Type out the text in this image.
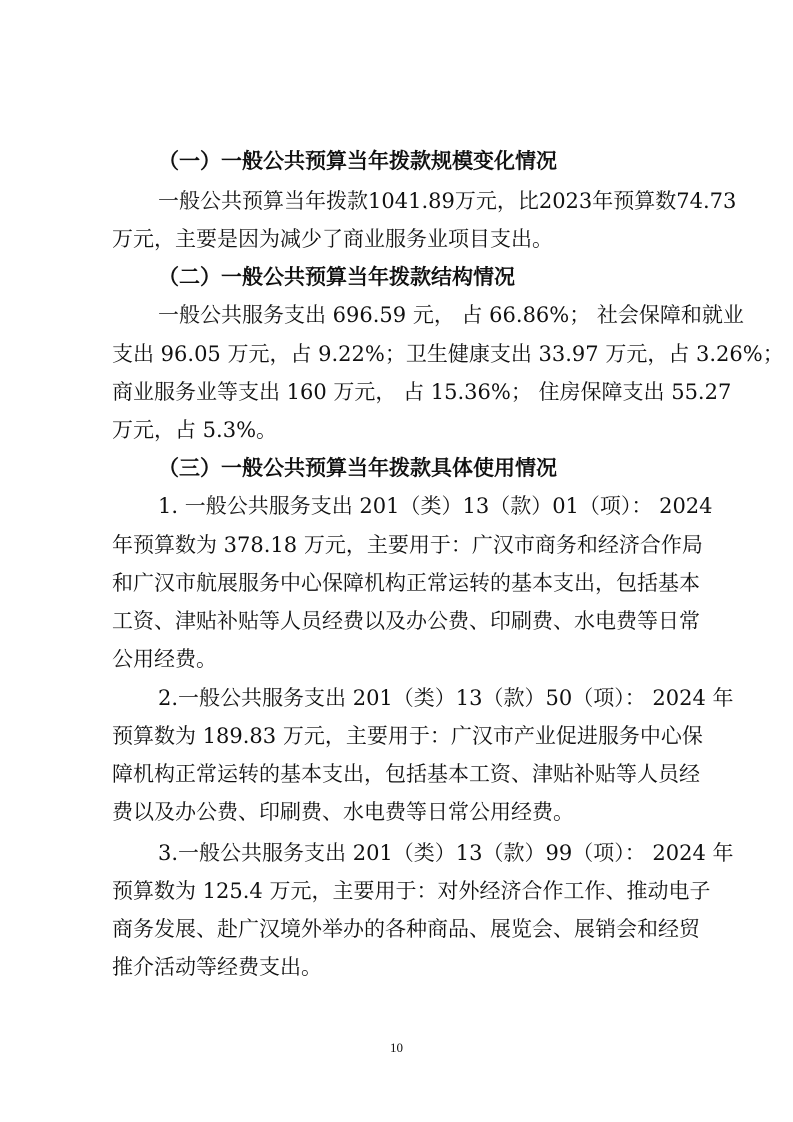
（一）一般公共预算当年拨款规模变化情况
一般公共预算当年拨款1041.89万元，比2023年预算数74.73
万元，主要是因为减少了商业服务业项目支出。
（二）一般公共预算当年拨款结构情况
一般公共服务支出 696.59 元， 占 66.86%； 社会保障和就业
支出 96.05 万元，占 9.22%；卫生健康支出 33.97 万元，占 3.26%；
商业服务业等支出 160 万元， 占 15.36%； 住房保障支出 55.27
万元，占 5.3%。
（三）一般公共预算当年拨款具体使用情况
1. 一般公共服务支出 201（类）13（款）01（项）： 2024
年预算数为 378.18 万元，主要用于：广汉市商务和经济合作局
和广汉市航展服务中心保障机构正常运转的基本支出，包括基本
工资、津贴补贴等人员经费以及办公费、印刷费、水电费等日常
公用经费。
2.一般公共服务支出 201（类）13（款）50（项）： 2024 年
预算数为 189.83 万元，主要用于：广汉市产业促进服务中心保
障机构正常运转的基本支出，包括基本工资、津贴补贴等人员经
费以及办公费、印刷费、水电费等日常公用经费。
3.一般公共服务支出 201（类）13（款）99（项）： 2024 年
预算数为 125.4 万元，主要用于：对外经济合作工作、推动电子
商务发展、赴广汉境外举办的各种商品、展览会、展销会和经贸
推介活动等经费支出。
10
